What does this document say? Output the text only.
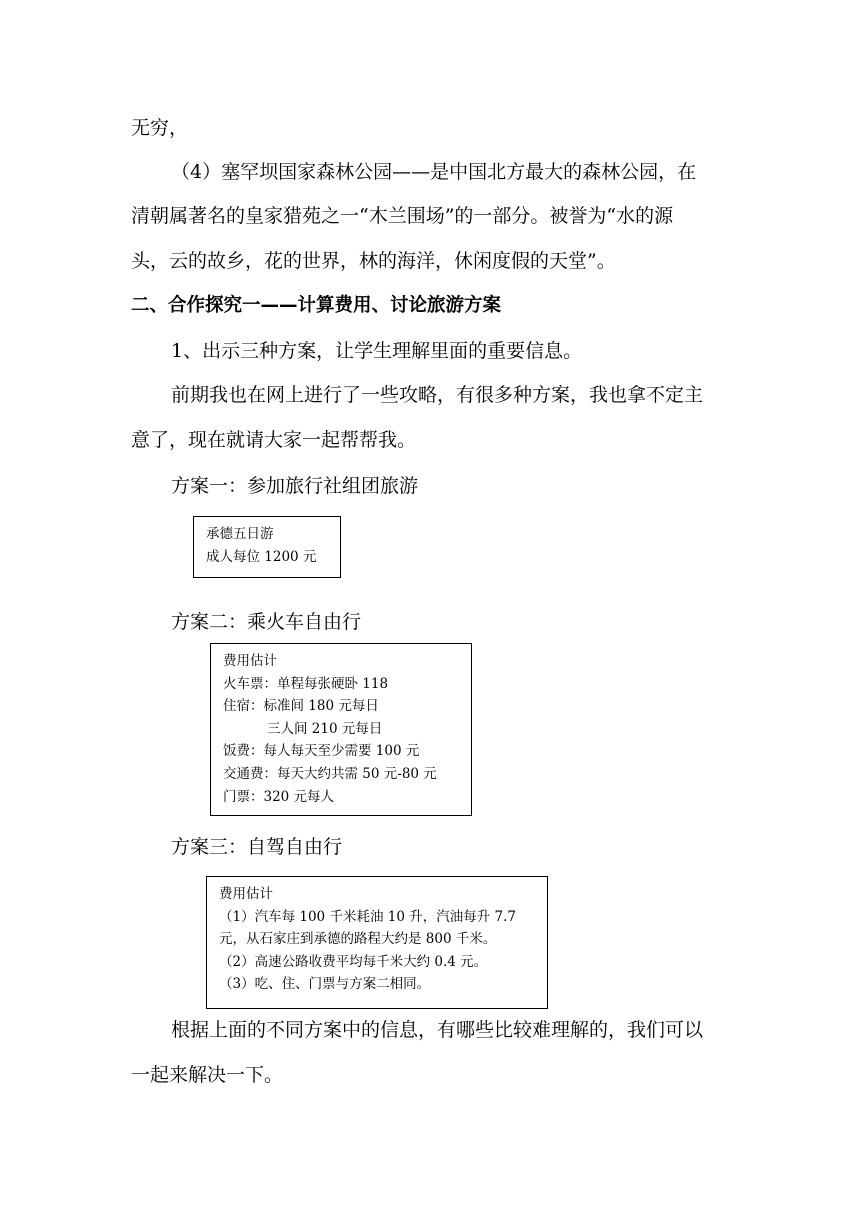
无穷，
（4）塞罕坝国家森林公园——是中国北方最大的森林公园，在
清朝属著名的皇家猎苑之一“木兰围场”的一部分。被誉为“水的源
头，云的故乡，花的世界，林的海洋，休闲度假的天堂”。
二、合作探究一——计算费用、讨论旅游方案
1、出示三种方案，让学生理解里面的重要信息。
前期我也在网上进行了一些攻略，有很多种方案，我也拿不定主
意了，现在就请大家一起帮帮我。
方案一：参加旅行社组团旅游
承德五日游
成人每位 1200 元
方案二：乘火车自由行
费用估计
火车票：单程每张硬卧 118
住宿：标准间 180 元每日
三人间 210 元每日
饭费：每人每天至少需要 100 元
交通费：每天大约共需 50 元-80 元
门票：320 元每人
方案三：自驾自由行
费用估计
（1）汽车每 100 千米耗油 10 升，汽油每升 7.7
元，从石家庄到承德的路程大约是 800 千米。
（2）高速公路收费平均每千米大约 0.4 元。
（3）吃、住、门票与方案二相同。
根据上面的不同方案中的信息，有哪些比较难理解的，我们可以
一起来解决一下。
